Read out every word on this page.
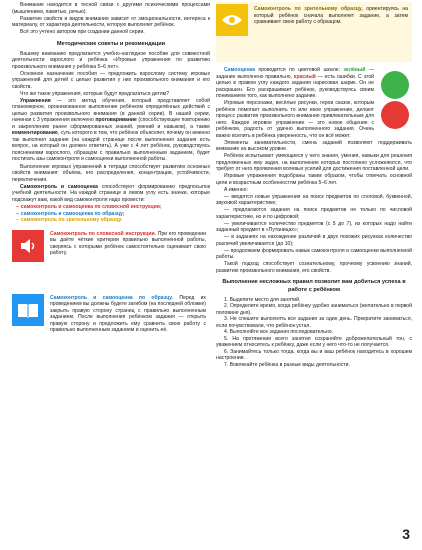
Внимание находится в тесной связи с другими психическими процессами (мышлением, памятью, речью).

Развитие свойств и видов внимания зависит от эмоциональности, интереса к материалу, от характера деятельности, которую выполняет ребёнок.

Всё это учтено автором при создании данной серии.

Методические советы и рекомендации

Вашему вниманию предлагается учебно-наглядное пособие для совместной деятельности взрослого и ребёнка «Игровые упражнения по развитию произвольного внимания у ребёнка 5–6 лет».

Основное назначение пособия — предложить взрослому систему игровых упражнений для детей с целью развития у них произвольного внимания и его свойств.

Что же такое упражнения, которые будут предлагаться детям?

Упражнения — это метод обучения, который представляет собой планомерное, организованное выполнение ребёнком определённых действий с целью развития произвольного внимания (в данной серии). В нашей серии, начиная с 3 упражнения включено проговаривание (способствующее повторению и закреплению ранее сформированных знаний, умений и навыков), а также комментирование, суть которого в том, что ребёнок объясняет, почему он именно так выполнил задания (на каждой странице после выполнения задания есть вопрос, на который он должен ответить). А уже с 4 лет ребёнок, руководствуясь пояснениями взрослого, образцом с правильно выполненным заданием, будет постигать азы самоконтроля и самооценки выполненной работы.

Выполнение игровых упражнений в тетради способствует развитию основных свойств внимания: объёма, его распределения, концентрации, устойчивости, переключения.

Самоконтроль и самооценка способствуют формированию предпосылок учебной деятельности. На каждой странице в левом углу есть значки, которые подскажут вам, какой вид самоконтроля надо провести:

– самоконтроль и самооценка по словесной инструкции;
– самоконтроль и самооценка по образцу;
– самоконтроль по зрительному образцу.
Самоконтроль по словесной инструкции. При его проведении вы даёте чёткие критерии правильно выполненной работы, сверяясь с которыми ребёнок самостоятельно оценивает свою работу.
Самоконтроль и самооценка по образцу. Перед их проведением вы должны будете загибом (на последней обложке) закрыть правую сторону страниц с правильно выполненным заданием. После выполнения ребёнком задания — открыть правую сторону и предложить ему сравнить свою работу с правильно выполненным заданием и оценить её.
Самоконтроль по зрительному образцу, ориентируясь на который ребёнок сначала выполняет задание, а затем сравнивает свою работу с образцом.

Самооценка проводится по цветовой шкале: зелёный — задание выполнено правильно, красный — есть ошибки. С этой целью в правом углу каждого задания нарисован шарик. Он не раскрашен. Его раскрашивает ребёнок, руководствуясь своим пониманием того, как выполнено задание.

Игровые персонажи, весёлые рисунки, герои сказок, которым ребёнок помогает выполнить то или иное упражнение, делают процесс развития произвольного внимания привлекательным для него. Каждое игровое упражнение — это новое общение с ребёнком, радость от удачно выполненного задания. Очень важно вселить в ребёнка уверенность, что он всё может.

Элементы занимательности, смена заданий позволяют поддерживать внимание на высоком уровне.

Ребёнок испытывает умеющиеся у него знания, умения, навыки для решения предложенных ему задач, на выполнение которых постоянно усложняются, что требует от него проявления волевых усилий для достижения поставленной цели.

Игровые упражнения подобраны таким образом, чтобы отвечать основной цели и возрастным особенностям ребёнка 5–6 лет.

А именно:

— вводятся новые упражнения на поиск предметов по слоговой, буквенной, звуковой характеристике;

— предлагаются задания на поиск предметов не только по числовой характеристике, но и по цифровой;

— увеличивается количество предметов (с 5 до 7), из которых надо найти заданный предмет в «Путаницах»;

— в заданиях на нахождение различий в двух похожих рисунках количество различий увеличивается (до 10);

— продолжаем формировать навык самоконтроля и самооценки выполненной работы.

Такой подход способствует сознательному, прочному усвоению знаний, развитию произвольного внимания, его свойств.

Выполнение несложных правил позволит вам добиться успеха в работе с ребёнком

1. Выделите место для занятий.

2. Определите время, когда ребёнку удобно заниматься (желательно в первой половине дня).

3. Не спешите выполнять все задания за один день. Прекратите заниматься, если почувствовали, что ребёнок устал.

4. Выполняйте все задания последовательно.

5. На протяжении всего занятия сохраняйте доброжелательный тон, с уважением относитесь к ребёнку, даже если у него что-то не получается.

6. Занимайтесь только тогда, когда вы и ваш ребёнок находитесь в хорошем настроении.

7. Вовлекайте ребёнка в разные виды деятельности.

3
